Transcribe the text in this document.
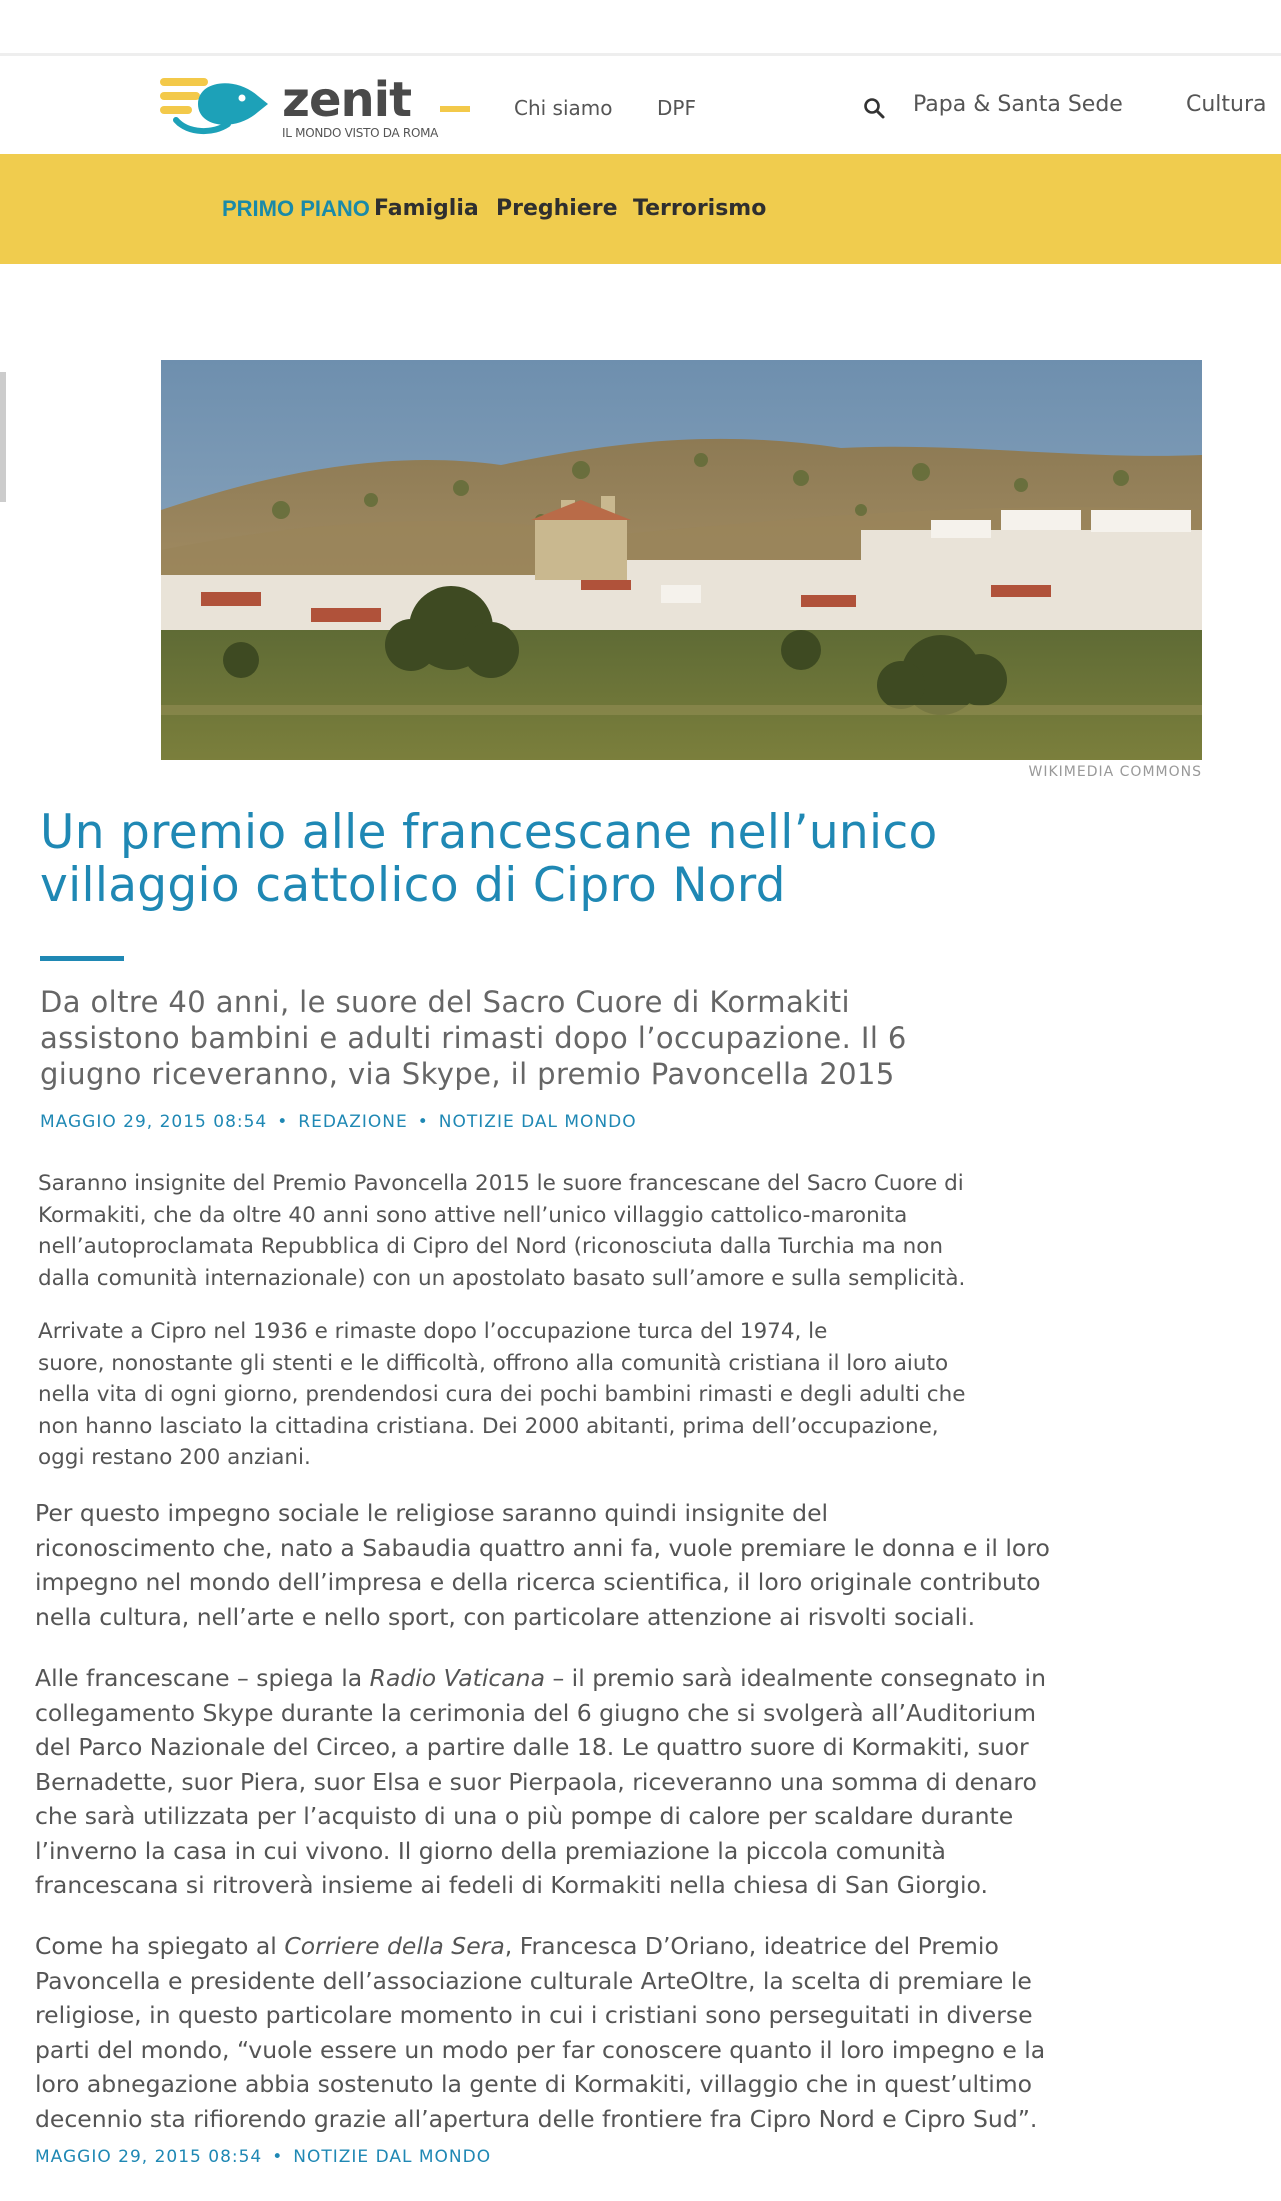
zenit
IL MONDO VISTO DA ROMA
Chi siamo DPF	Papa & Santa Sede	Cultura
PRIMO PIANO Famiglia Preghiere Terrorismo
WIKIMEDIA COMMONS
Un premio alle francescane nell’unico
villaggio cattolico di Cipro Nord
Da oltre 40 anni, le suore del Sacro Cuore di Kormakiti
assistono bambini e adulti rimasti dopo l’occupazione. Il 6
giugno riceveranno, via Skype, il premio Pavoncella 2015
MAGGIO 29, 2015 08:54 • REDAZIONE • NOTIZIE DAL MONDO
Saranno insignite del Premio Pavoncella 2015 le suore francescane del Sacro Cuore di
Kormakiti, che da oltre 40 anni sono attive nell’unico villaggio cattolico-maronita
nell’autoproclamata Repubblica di Cipro del Nord (riconosciuta dalla Turchia ma non
dalla comunità internazionale) con un apostolato basato sull’amore e sulla semplicità.
Arrivate a Cipro nel 1936 e rimaste dopo l’occupazione turca del 1974, le
suore, nonostante gli stenti e le difficoltà, offrono alla comunità cristiana il loro aiuto
nella vita di ogni giorno, prendendosi cura dei pochi bambini rimasti e degli adulti che
non hanno lasciato la cittadina cristiana. Dei 2000 abitanti, prima dell’occupazione,
oggi restano 200 anziani.
Per questo impegno sociale le religiose saranno quindi insignite del
riconoscimento che, nato a Sabaudia quattro anni fa, vuole premiare le donna e il loro
impegno nel mondo dell’impresa e della ricerca scientifica, il loro originale contributo
nella cultura, nell’arte e nello sport, con particolare attenzione ai risvolti sociali.
Alle francescane – spiega la Radio Vaticana – il premio sarà idealmente consegnato in
collegamento Skype durante la cerimonia del 6 giugno che si svolgerà all’Auditorium
del Parco Nazionale del Circeo, a partire dalle 18. Le quattro suore di Kormakiti, suor
Bernadette, suor Piera, suor Elsa e suor Pierpaola, riceveranno una somma di denaro
che sarà utilizzata per l’acquisto di una o più pompe di calore per scaldare durante
l’inverno la casa in cui vivono. Il giorno della premiazione la piccola comunità
francescana si ritroverà insieme ai fedeli di Kormakiti nella chiesa di San Giorgio.
Come ha spiegato al Corriere della Sera, Francesca D’Oriano, ideatrice del Premio
Pavoncella e presidente dell’associazione culturale ArteOltre, la scelta di premiare le
religiose, in questo particolare momento in cui i cristiani sono perseguitati in diverse
parti del mondo, “vuole essere un modo per far conoscere quanto il loro impegno e la
loro abnegazione abbia sostenuto la gente di Kormakiti, villaggio che in quest’ultimo
decennio sta rifiorendo grazie all’apertura delle frontiere fra Cipro Nord e Cipro Sud”.
MAGGIO 29, 2015 08:54 • NOTIZIE DAL MONDO
